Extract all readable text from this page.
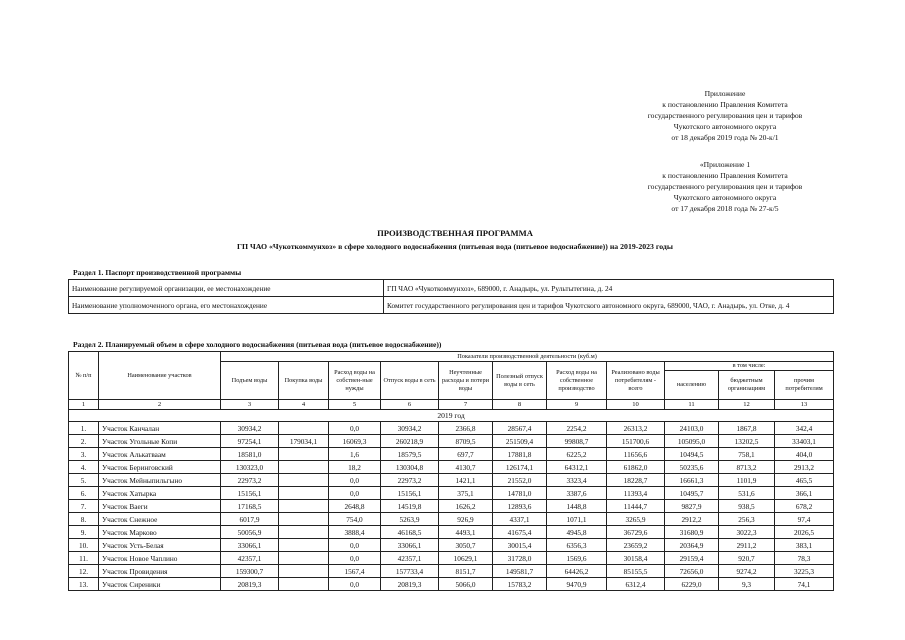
Приложение
к постановлению Правления Комитета
государственного регулирования цен и тарифов
Чукотского автономного округа
от 18 декабря 2019 года № 20-к/1
«Приложение 1
к постановлению Правления Комитета
государственного регулирования цен и тарифов
Чукотского автономного округа
от 17 декабря 2018 года № 27-к/5
ПРОИЗВОДСТВЕННАЯ ПРОГРАММА
ГП ЧАО «Чукоткоммунхоз» в сфере холодного водоснабжения (питьевая вода (питьевое водоснабжение)) на 2019-2023 годы
Раздел 1. Паспорт производственной программы
Наименование регулируемой организации, ее местонахождение	ГП ЧАО «Чукоткоммунхоз», 689000, г. Анадырь, ул. Рультытегина, д. 24
Наименование уполномоченного органа, его местонахождение	Комитет государственного регулирования цен и тарифов Чукотского автономного округа, 689000, ЧАО, г. Анадырь, ул. Отке, д. 4
Раздел 2. Планируемый объем в сфере холодного водоснабжения (питьевая вода (питьевое водоснабжение))
№ п/п	Наименование участков	Показатели производственной деятельности (куб.м)										
		Подъем воды	Покупка воды	Расход воды на собствен-ные нужды	Отпуск воды в сеть	Неучтенные расходы и потери воды	Полезный отпуск воды в сеть	Расход воды на собственное производство	Реализовано воды потребителям - всего	в том числе:		
										населению	бюджетным организациям	прочим потребителям
1	2	3	4	5	6	7	8	9	10	11	12	13
2019 год												
1.	Участок Канчалан	30934,2		0,0	30934,2	2366,8	28567,4	2254,2	26313,2	24103,0	1867,8	342,4
2.	Участок Угольные Копи	97254,1	179034,1	16069,3	260218,9	8709,5	251509,4	99808,7	151700,6	105095,0	13202,5	33403,1
3.	Участок Алькатваам	18581,0		1,6	18579,5	697,7	17881,8	6225,2	11656,6	10494,5	758,1	404,0
4.	Участок Беринговский	130323,0		18,2	130304,8	4130,7	126174,1	64312,1	61862,0	50235,6	8713,2	2913,2
5.	Участок Мейныпильгыно	22973,2		0,0	22973,2	1421,1	21552,0	3323,4	18228,7	16661,3	1101,9	465,5
6.	Участок Хатырка	15156,1		0,0	15156,1	375,1	14781,0	3387,6	11393,4	10495,7	531,6	366,1
7.	Участок Ваеги	17168,5		2648,8	14519,8	1626,2	12893,6	1448,8	11444,7	9827,9	938,5	678,2
8.	Участок Снежное	6017,9		754,0	5263,9	926,9	4337,1	1071,1	3265,9	2912,2	256,3	97,4
9.	Участок Марково	50056,9		3888,4	46168,5	4493,1	41675,4	4945,8	36729,6	31680,9	3022,3	2026,5
10.	Участок Усть-Белая	33066,1		0,0	33066,1	3050,7	30015,4	6356,3	23659,2	20364,9	2911,2	383,1
11.	Участок Новое Чаплино	42357,1		0,0	42357,1	10629,1	31728,0	1569,6	30158,4	29159,4	920,7	78,3
12.	Участок Провидения	159300,7		1567,4	157733,4	8151,7	149581,7	64426,2	85155,5	72656,0	9274,2	3225,3
13.	Участок Сиреники	20819,3		0,0	20819,3	5066,0	15783,2	9470,9	6312,4	6229,0	9,3	74,1
